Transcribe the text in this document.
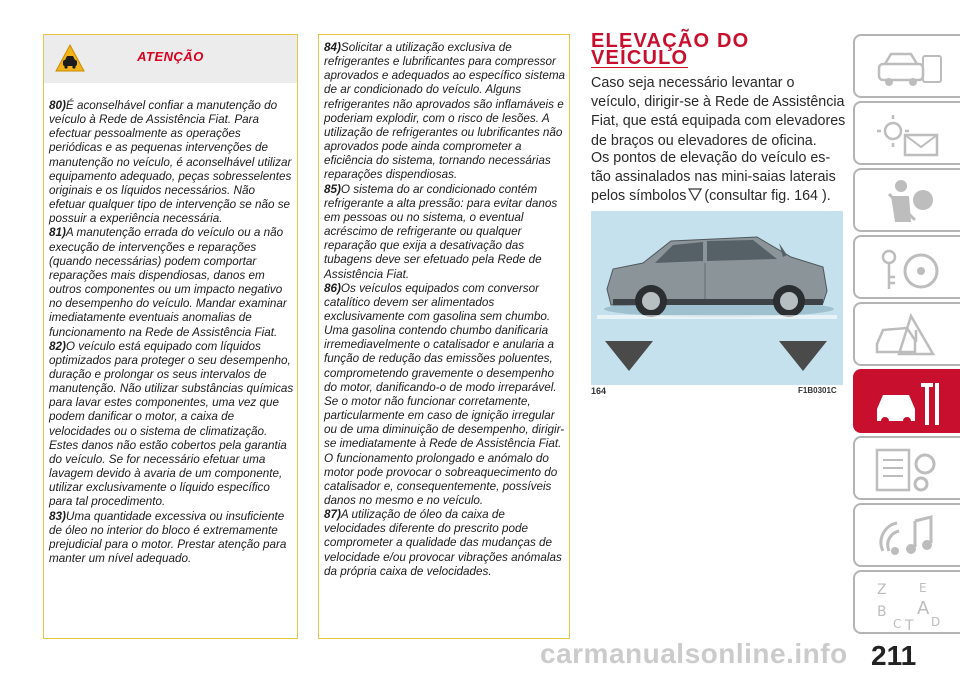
ATENÇÃO

80)É aconselhável confiar a manutenção do veículo à Rede de Assistência Fiat. Para efectuar pessoalmente as operações periódicas e as pequenas intervenções de manutenção no veículo, é aconselhável utilizar equipamento adequado, peças sobresselentes originais e os líquidos necessários. Não efetuar qualquer tipo de intervenção se não se possuir a experiência necessária.

81)A manutenção errada do veículo ou a não execução de intervenções e reparações (quando necessárias) podem comportar reparações mais dispendiosas, danos em outros componentes ou um impacto negativo no desempenho do veículo. Mandar examinar imediatamente eventuais anomalias de funcionamento na Rede de Assistência Fiat.

82)O veículo está equipado com líquidos optimizados para proteger o seu desempenho, duração e prolongar os seus intervalos de manutenção. Não utilizar substâncias químicas para lavar estes componentes, uma vez que podem danificar o motor, a caixa de velocidades ou o sistema de climatização. Estes danos não estão cobertos pela garantia do veículo. Se for necessário efetuar uma lavagem devido à avaria de um componente, utilizar exclusivamente o líquido específico para tal procedimento.

83)Uma quantidade excessiva ou insuficiente de óleo no interior do bloco é extremamente prejudicial para o motor. Prestar atenção para manter um nível adequado.

84)Solicitar a utilização exclusiva de refrigerantes e lubrificantes para compressor aprovados e adequados ao específico sistema de ar condicionado do veículo. Alguns refrigerantes não aprovados são inflamáveis e poderiam explodir, com o risco de lesões. A utilização de refrigerantes ou lubrificantes não aprovados pode ainda comprometer a eficiência do sistema, tornando necessárias reparações dispendiosas.

85)O sistema do ar condicionado contém refrigerante a alta pressão: para evitar danos em pessoas ou no sistema, o eventual acréscimo de refrigerante ou qualquer reparação que exija a desativação das tubagens deve ser efetuado pela Rede de Assistência Fiat.

86)Os veículos equipados com conversor catalítico devem ser alimentados exclusivamente com gasolina sem chumbo. Uma gasolina contendo chumbo danificaria irremediavelmente o catalisador e anularia a função de redução das emissões poluentes, comprometendo gravemente o desempenho do motor, danificando-o de modo irreparável. Se o motor não funcionar corretamente, particularmente em caso de ignição irregular ou de uma diminuição de desempenho, dirigir-se imediatamente à Rede de Assistência Fiat. O funcionamento prolongado e anómalo do motor pode provocar o sobreaquecimento do catalisador e, consequentemente, possíveis danos no mesmo e no veículo.

87)A utilização de óleo da caixa de velocidades diferente do prescrito pode comprometer a qualidade das mudanças de velocidade e/ou provocar vibrações anómalas da própria caixa de velocidades.

ELEVAÇÃO DO
VEÍCULO
Caso seja necessário levantar o veículo, dirigir-se à Rede de Assistência Fiat, que está equipada com elevadores de braços ou elevadores de oficina.
Os pontos de elevação do veículo es-tão assinalados nas mini-saias laterais pelos símbolos (consultar fig. 164 ).
164	F1B0301C
Z	E
B A
C T D
carmanualsonline.info 211
